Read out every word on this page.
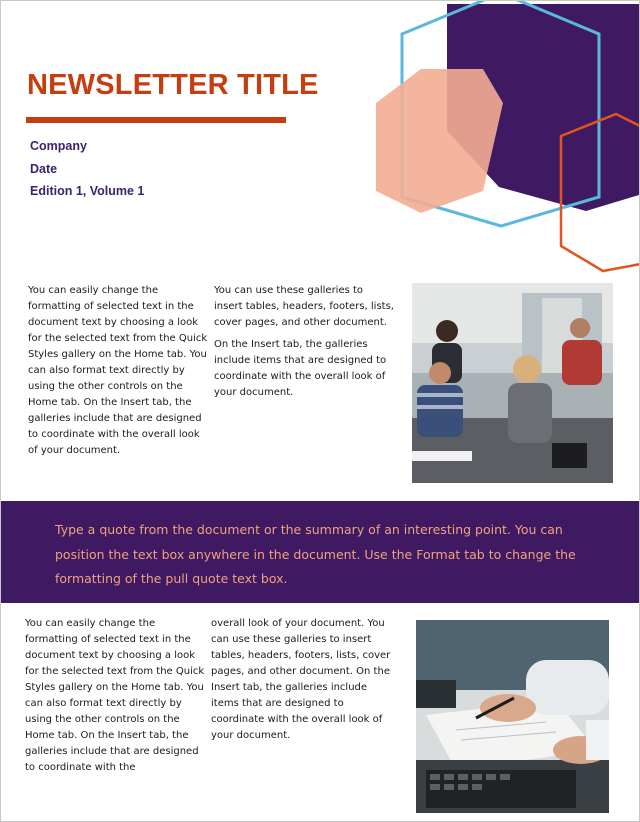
NEWSLETTER TITLE
Company
Date
Edition 1, Volume 1

You can easily change the formatting of selected text in the document text by choosing a look for the selected text from the Quick Styles gallery on the Home tab. You can also format text directly by using the other controls on the Home tab. On the Insert tab, the galleries include that are designed to coordinate with the overall look of your document.

You can use these galleries to insert tables, headers, footers, lists, cover pages, and other document.

On the Insert tab, the galleries include items that are designed to coordinate with the overall look of your document.

Type a quote from the document or the summary of an interesting point. You can position the text box anywhere in the document. Use the Format tab to change the formatting of the pull quote text box.

You can easily change the formatting of selected text in the document text by choosing a look for the selected text from the Quick Styles gallery on the Home tab. You can also format text directly by using the other controls on the Home tab. On the Insert tab, the galleries include that are designed to coordinate with the

overall look of your document. You can use these galleries to insert tables, headers, footers, lists, cover pages, and other document. On the Insert tab, the galleries include items that are designed to coordinate with the overall look of your document.
